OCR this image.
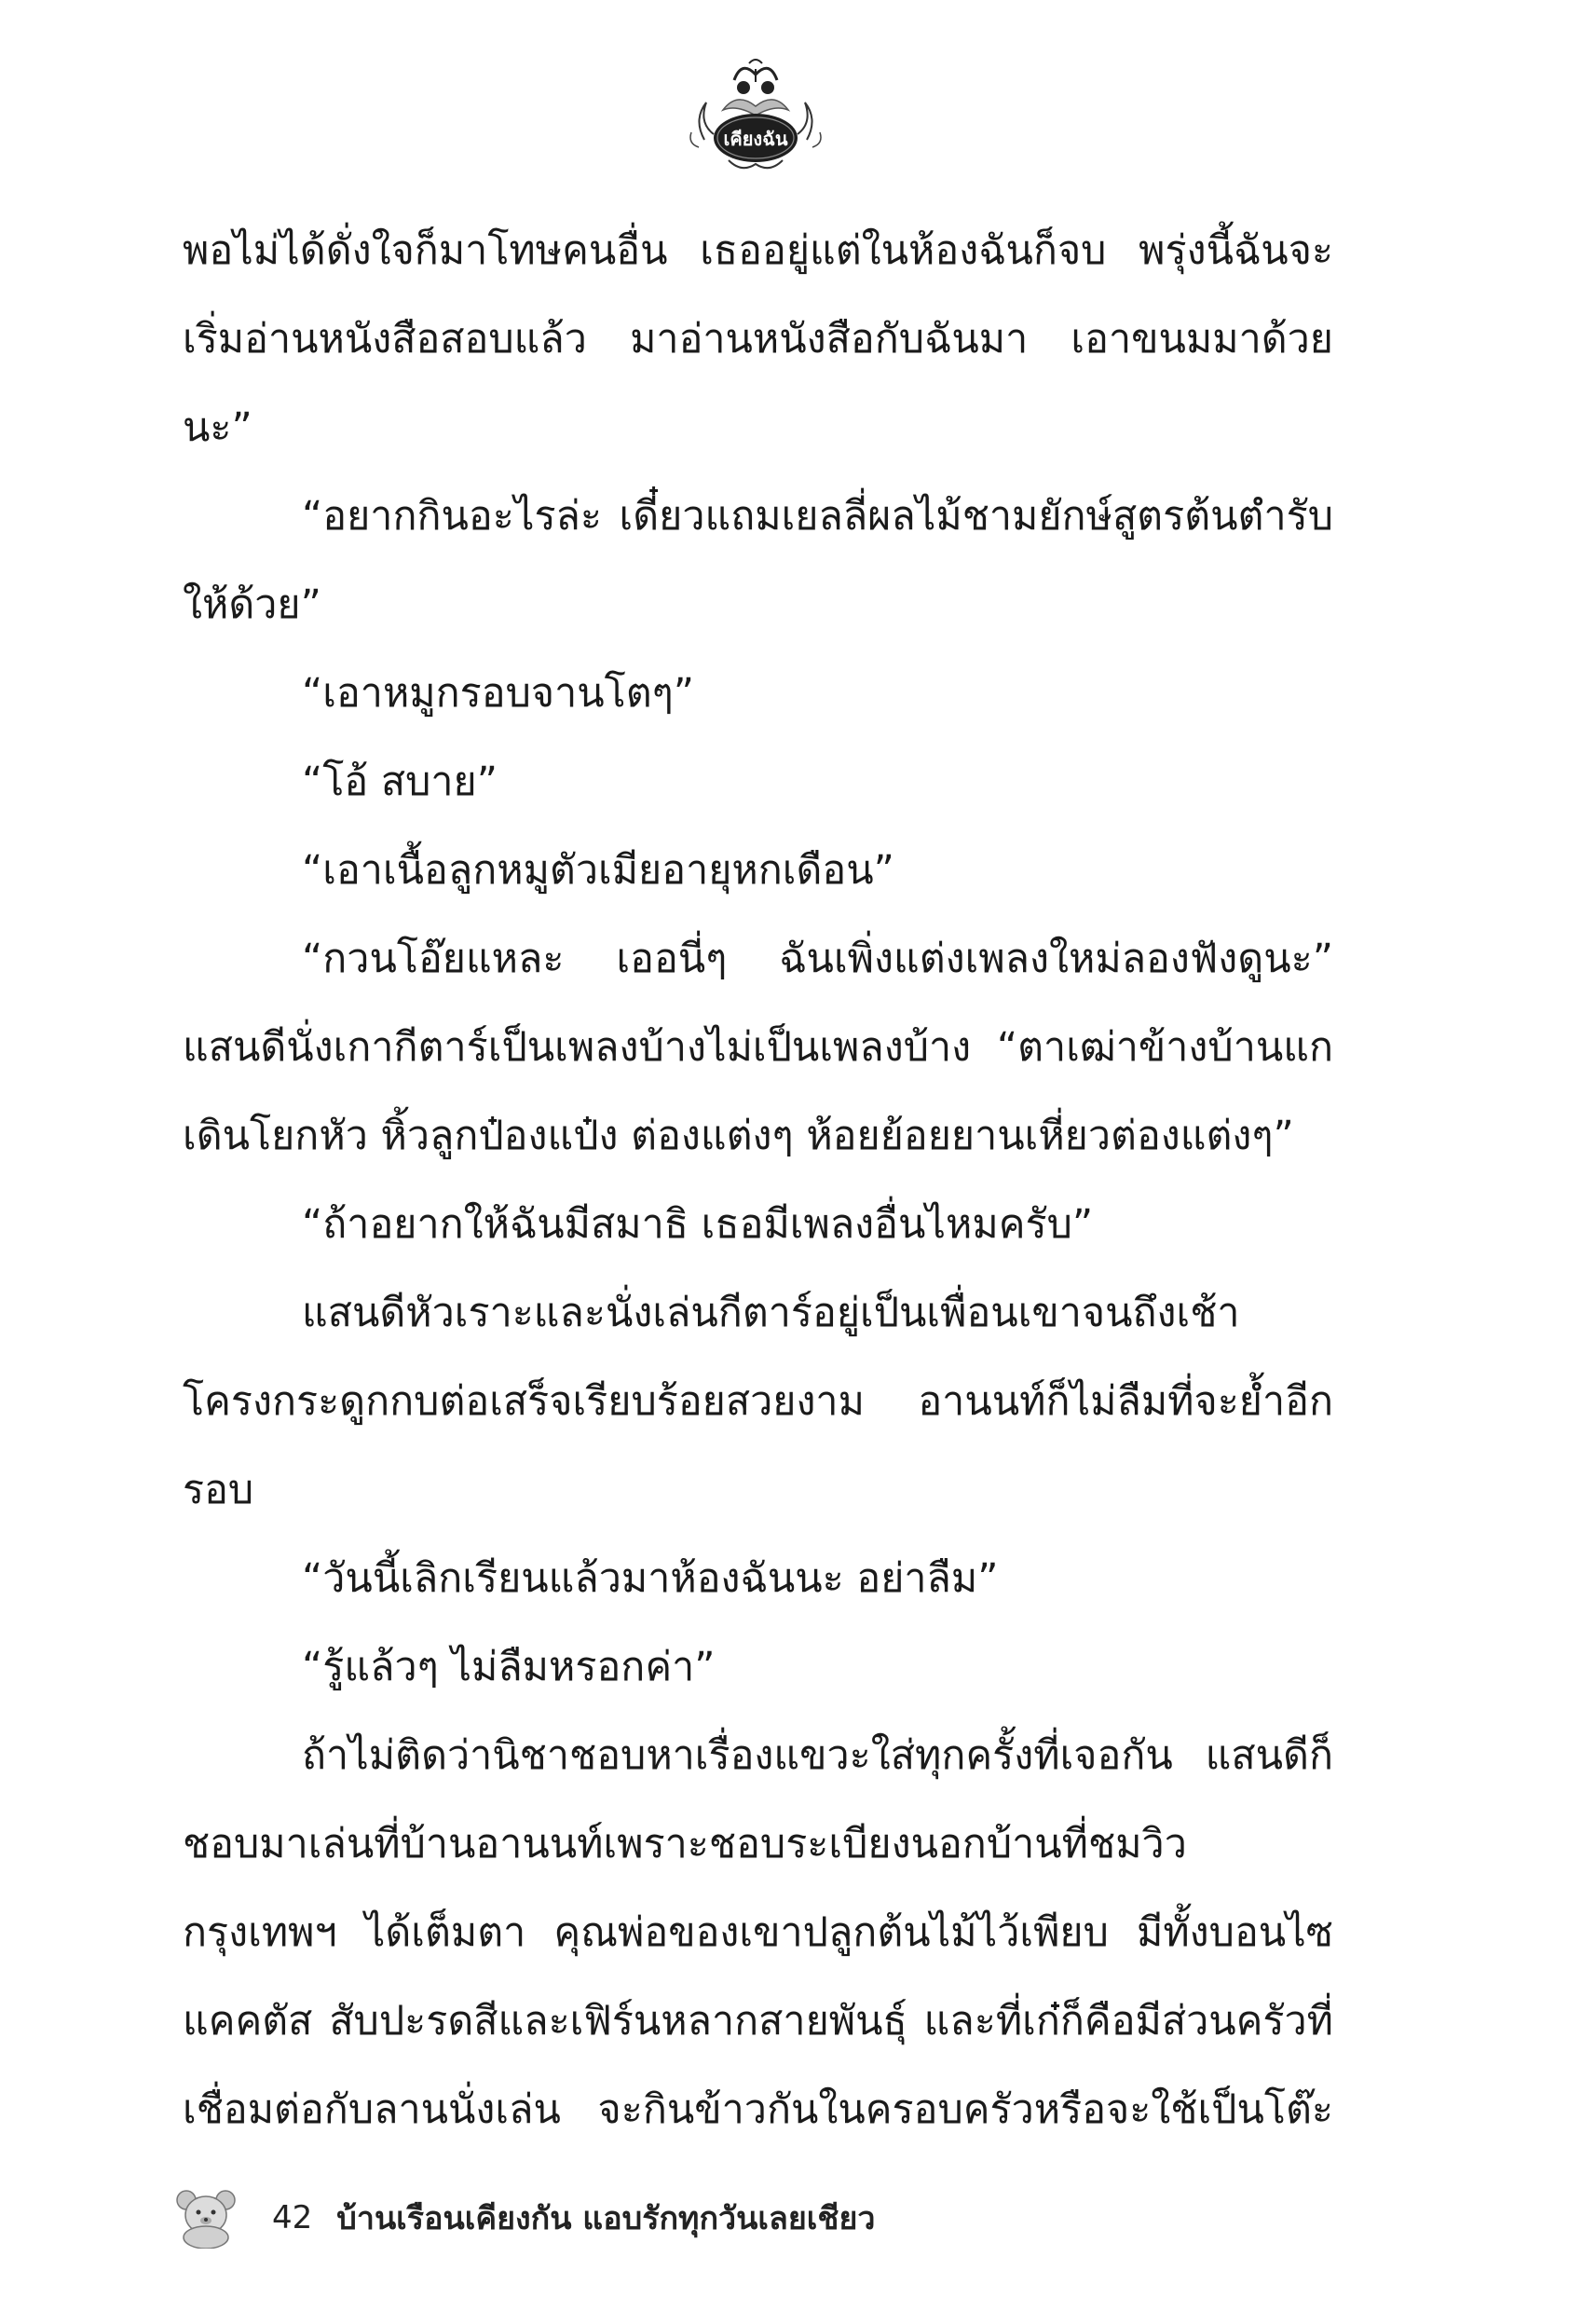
เคียงฉัน

พอไม่ได้ดั่งใจก็มาโทษคนอื่น เธออยู่แต่ในห้องฉันก็จบ พรุ่งนี้ฉันจะเริ่มอ่านหนังสือสอบแล้ว มาอ่านหนังสือกับฉันมา เอาขนมมาด้วยนะ”

“อยากกินอะไรล่ะ เดี๋ยวแถมเยลลี่ผลไม้ชามยักษ์สูตรต้นตำรับให้ด้วย”

“เอาหมูกรอบจานโตๆ”

“โอ้ สบาย”

“เอาเนื้อลูกหมูตัวเมียอายุหกเดือน”

“กวนโอ๊ยแหละ เออนี่ๆ ฉันเพิ่งแต่งเพลงใหม่ลองฟังดูนะ” แสนดีนั่งเกากีตาร์เป็นเพลงบ้างไม่เป็นเพลงบ้าง “ตาเฒ่าข้างบ้านแกเดินโยกหัว หิ้วลูกป๋องแป๋ง ต่องแต่งๆ ห้อยย้อยยานเหี่ยวต่องแต่งๆ”

“ถ้าอยากให้ฉันมีสมาธิ เธอมีเพลงอื่นไหมครับ”

แสนดีหัวเราะและนั่งเล่นกีตาร์อยู่เป็นเพื่อนเขาจนถึงเช้า โครงกระดูกกบต่อเสร็จเรียบร้อยสวยงาม อานนท์ก็ไม่ลืมที่จะย้ำอีกรอบ

“วันนี้เลิกเรียนแล้วมาห้องฉันนะ อย่าลืม”

“รู้แล้วๆ ไม่ลืมหรอกค่า”

ถ้าไม่ติดว่านิชาชอบหาเรื่องแขวะใส่ทุกครั้งที่เจอกัน แสนดีก็ชอบมาเล่นที่บ้านอานนท์เพราะชอบระเบียงนอกบ้านที่ชมวิวกรุงเทพฯ ได้เต็มตา คุณพ่อของเขาปลูกต้นไม้ไว้เพียบ มีทั้งบอนไซ แคคตัส สับปะรดสีและเฟิร์นหลากสายพันธุ์ และที่เก๋ก็คือมีส่วนครัวที่เชื่อมต่อกับลานนั่งเล่น จะกินข้าวกันในครอบครัวหรือจะใช้เป็นโต๊ะ

42 บ้านเรือนเคียงกัน แอบรักทุกวันเลยเชียว
